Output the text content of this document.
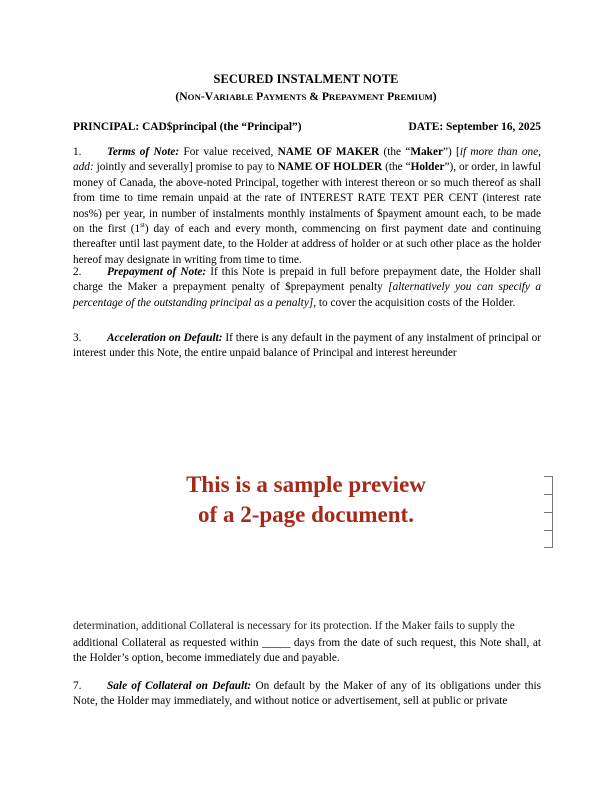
SECURED INSTALMENT NOTE
(NON-VARIABLE PAYMENTS & PREPAYMENT PREMIUM)
PRINCIPAL: CAD$principal (the “Principal”)	DATE: September 16, 2025
1. Terms of Note: For value received, NAME OF MAKER (the “Maker”) [if more than one, add: jointly and severally] promise to pay to NAME OF HOLDER (the “Holder”), or order, in lawful money of Canada, the above-noted Principal, together with interest thereon or so much thereof as shall from time to time remain unpaid at the rate of INTEREST RATE TEXT PER CENT (interest rate nos%) per year, in number of instalments monthly instalments of $payment amount each, to be made on the first (1st) day of each and every month, commencing on first payment date and continuing thereafter until last payment date, to the Holder at address of holder or at such other place as the holder hereof may designate in writing from time to time.
2. Prepayment of Note: If this Note is prepaid in full before prepayment date, the Holder shall charge the Maker a prepayment penalty of $prepayment penalty [alternatively you can specify a percentage of the outstanding principal as a penalty], to cover the acquisition costs of the Holder.
3. Acceleration on Default: If there is any default in the payment of any instalment of principal or interest under this Note, the entire unpaid balance of Principal and interest hereunder
This is a sample preview
of a 2-page document.
determination, additional Collateral is necessary for its protection. If the Maker fails to supply the
additional Collateral as requested within _____ days from the date of such request, this Note shall, at the Holder’s option, become immediately due and payable.
7. Sale of Collateral on Default: On default by the Maker of any of its obligations under this Note, the Holder may immediately, and without notice or advertisement, sell at public or private
